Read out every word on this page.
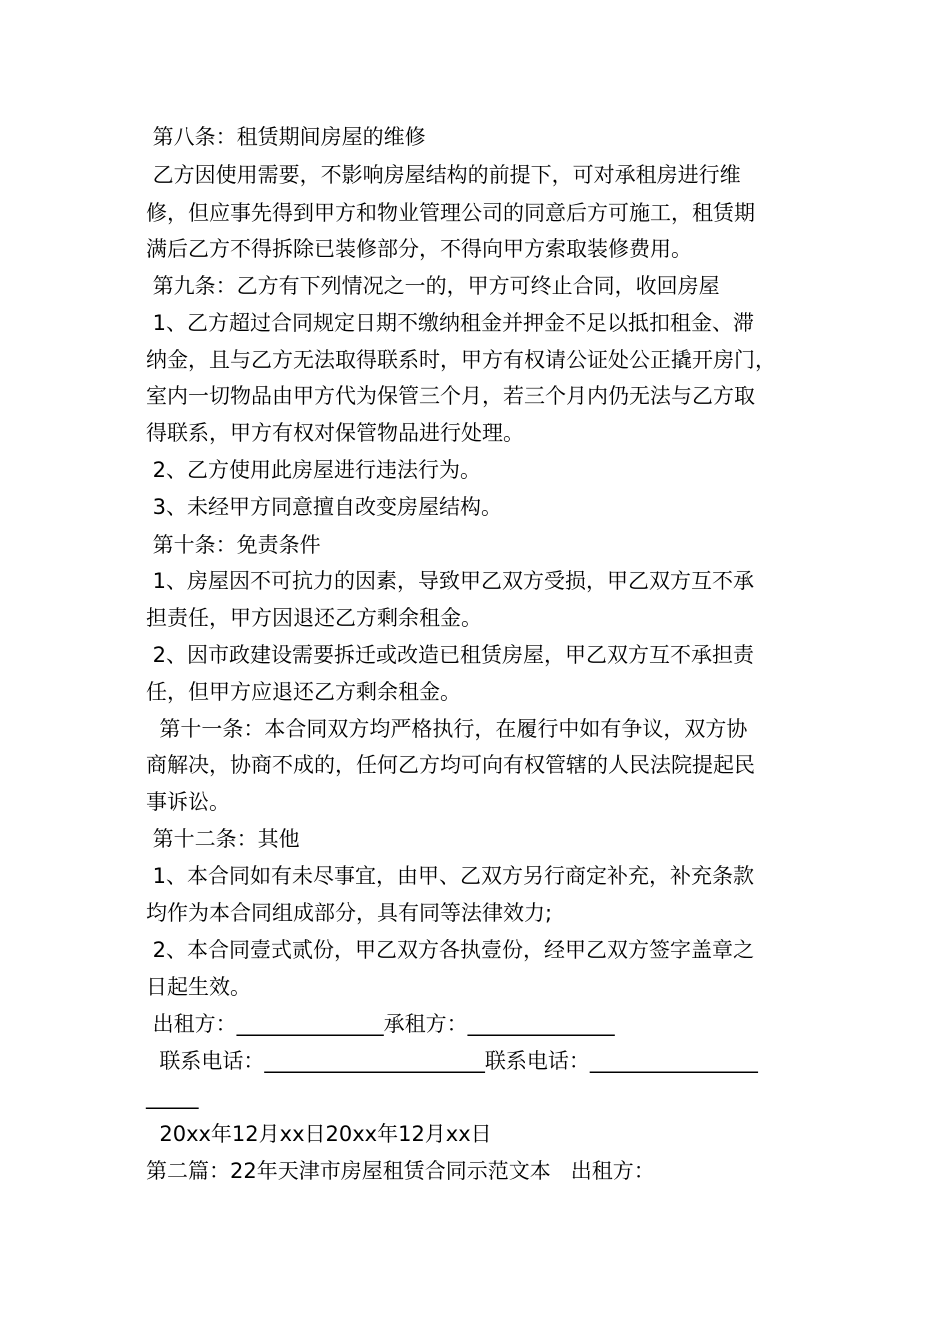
第八条：租赁期间房屋的维修
乙方因使用需要，不影响房屋结构的前提下，可对承租房进行维
修，但应事先得到甲方和物业管理公司的同意后方可施工，租赁期
满后乙方不得拆除已装修部分，不得向甲方索取装修费用。
第九条：乙方有下列情况之一的，甲方可终止合同，收回房屋
1、乙方超过合同规定日期不缴纳租金并押金不足以抵扣租金、滞
纳金，且与乙方无法取得联系时，甲方有权请公证处公正撬开房门，
室内一切物品由甲方代为保管三个月，若三个月内仍无法与乙方取
得联系，甲方有权对保管物品进行处理。
2、乙方使用此房屋进行违法行为。
3、未经甲方同意擅自改变房屋结构。
第十条：免责条件
1、房屋因不可抗力的因素，导致甲乙双方受损，甲乙双方互不承
担责任，甲方因退还乙方剩余租金。
2、因市政建设需要拆迁或改造已租赁房屋，甲乙双方互不承担责
任，但甲方应退还乙方剩余租金。
第十一条：本合同双方均严格执行，在履行中如有争议，双方协
商解决，协商不成的，任何乙方均可向有权管辖的人民法院提起民
事诉讼。
第十二条：其他
1、本合同如有未尽事宜，由甲、乙双方另行商定补充，补充条款
均作为本合同组成部分，具有同等法律效力;
2、本合同壹式贰份，甲乙双方各执壹份，经甲乙双方签字盖章之
日起生效。
出租方：______________承租方：______________
联系电话：_____________________联系电话：________________
_____
20xx年12月xx日20xx年12月xx日
第二篇：22年天津市房屋租赁合同示范文本   出租方：
